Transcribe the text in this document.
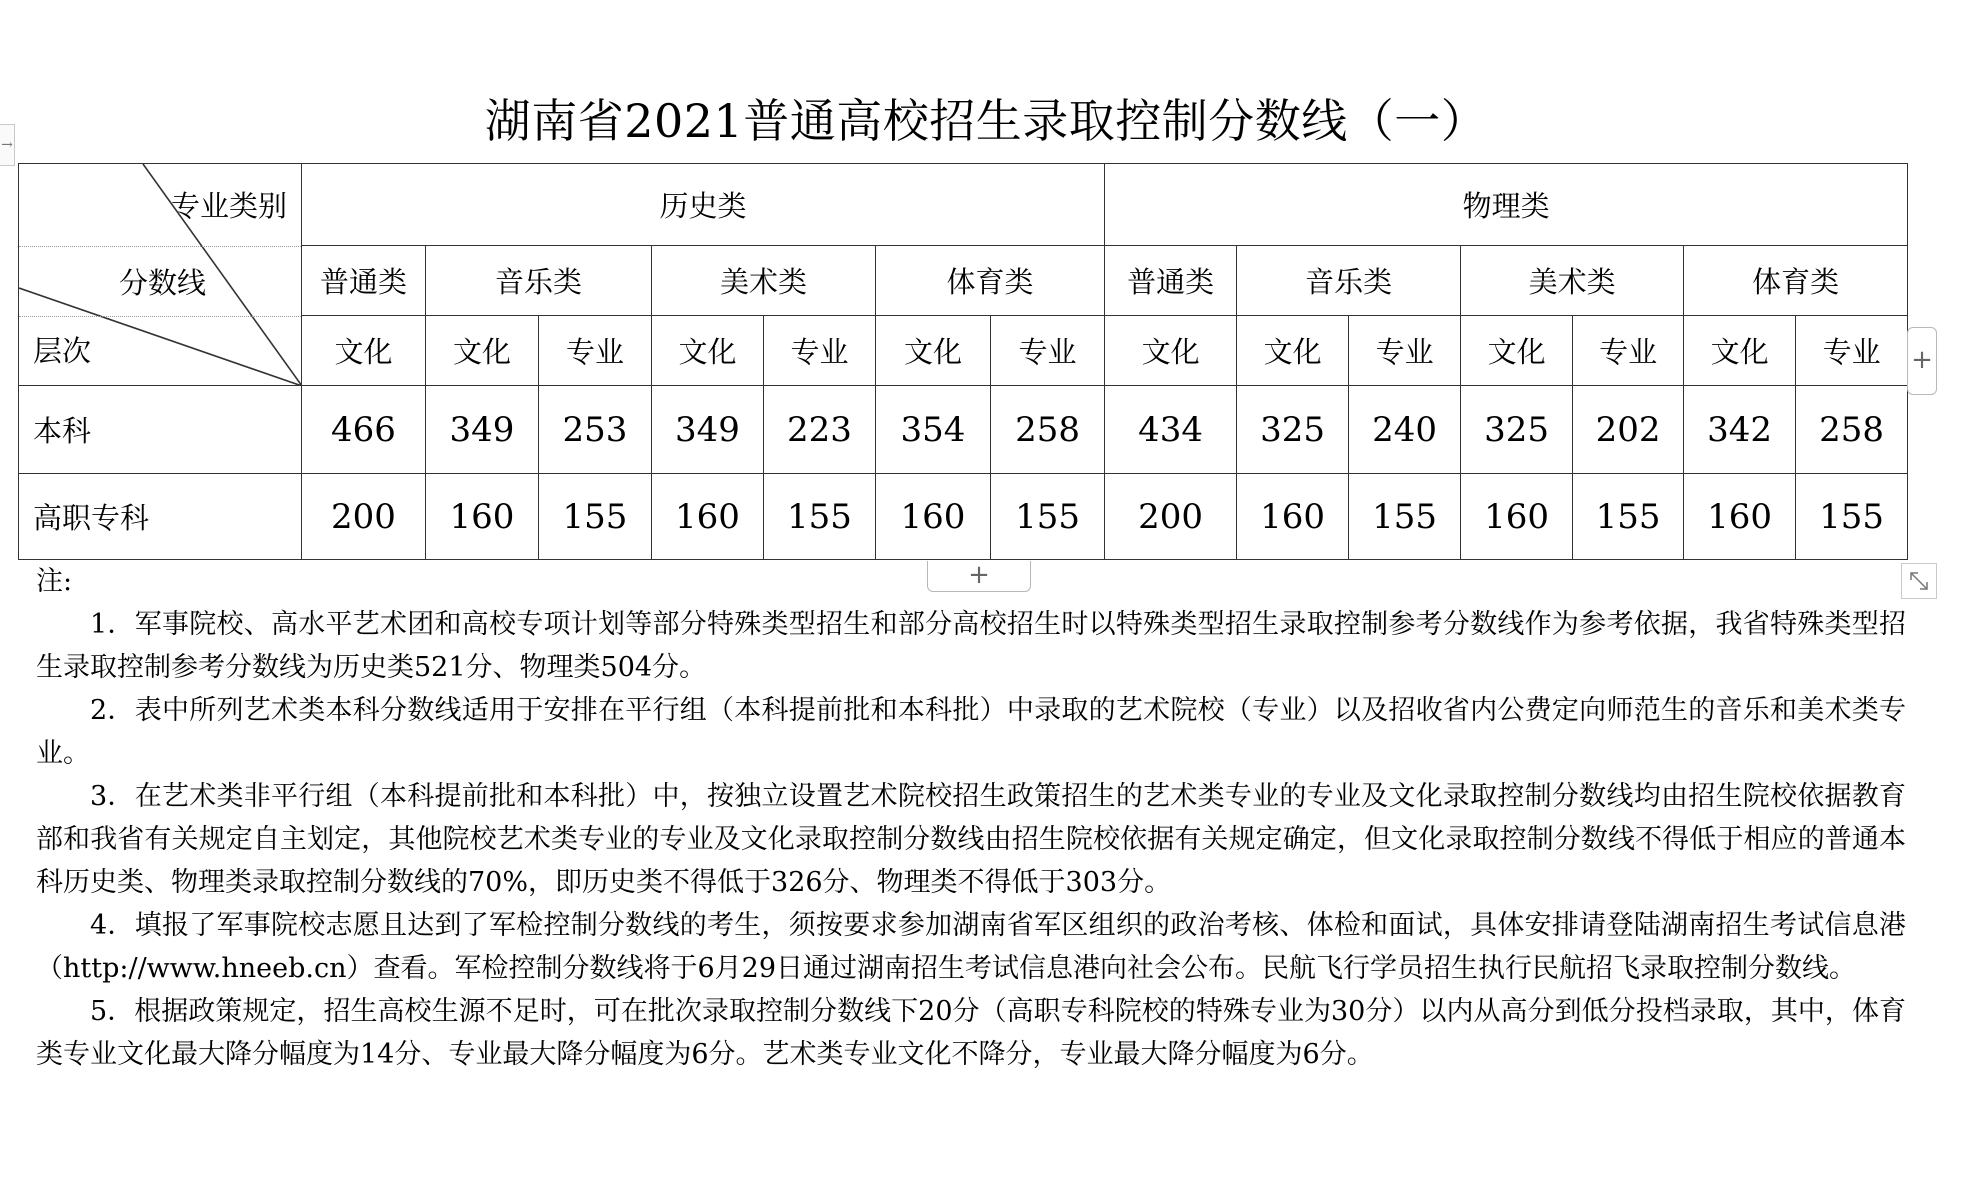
湖南省2021普通高校招生录取控制分数线（一）
→
专业类别
分数线
层次	历史类							物理类						
	普通类	音乐类		美术类		体育类		普通类	音乐类		美术类		体育类	
	文化	文化	专业	文化	专业	文化	专业	文化	文化	专业	文化	专业	文化	专业
本科	466	349	253	349	223	354	258	434	325	240	325	202	342	258
高职专科	200	160	155	160	155	160	155	200	160	155	160	155	160	155
+
+

注:

1．军事院校、高水平艺术团和高校专项计划等部分特殊类型招生和部分高校招生时以特殊类型招生录取控制参考分数线作为参考依据，我省特殊类型招生录取控制参考分数线为历史类521分、物理类504分。

2．表中所列艺术类本科分数线适用于安排在平行组（本科提前批和本科批）中录取的艺术院校（专业）以及招收省内公费定向师范生的音乐和美术类专业。

3．在艺术类非平行组（本科提前批和本科批）中，按独立设置艺术院校招生政策招生的艺术类专业的专业及文化录取控制分数线均由招生院校依据教育部和我省有关规定自主划定，其他院校艺术类专业的专业及文化录取控制分数线由招生院校依据有关规定确定，但文化录取控制分数线不得低于相应的普通本科历史类、物理类录取控制分数线的70%，即历史类不得低于326分、物理类不得低于303分。

4．填报了军事院校志愿且达到了军检控制分数线的考生，须按要求参加湖南省军区组织的政治考核、体检和面试，具体安排请登陆湖南招生考试信息港（http://www.hneeb.cn）查看。军检控制分数线将于6月29日通过湖南招生考试信息港向社会公布。民航飞行学员招生执行民航招飞录取控制分数线。

5．根据政策规定，招生高校生源不足时，可在批次录取控制分数线下20分（高职专科院校的特殊专业为30分）以内从高分到低分投档录取，其中，体育类专业文化最大降分幅度为14分、专业最大降分幅度为6分。艺术类专业文化不降分，专业最大降分幅度为6分。
